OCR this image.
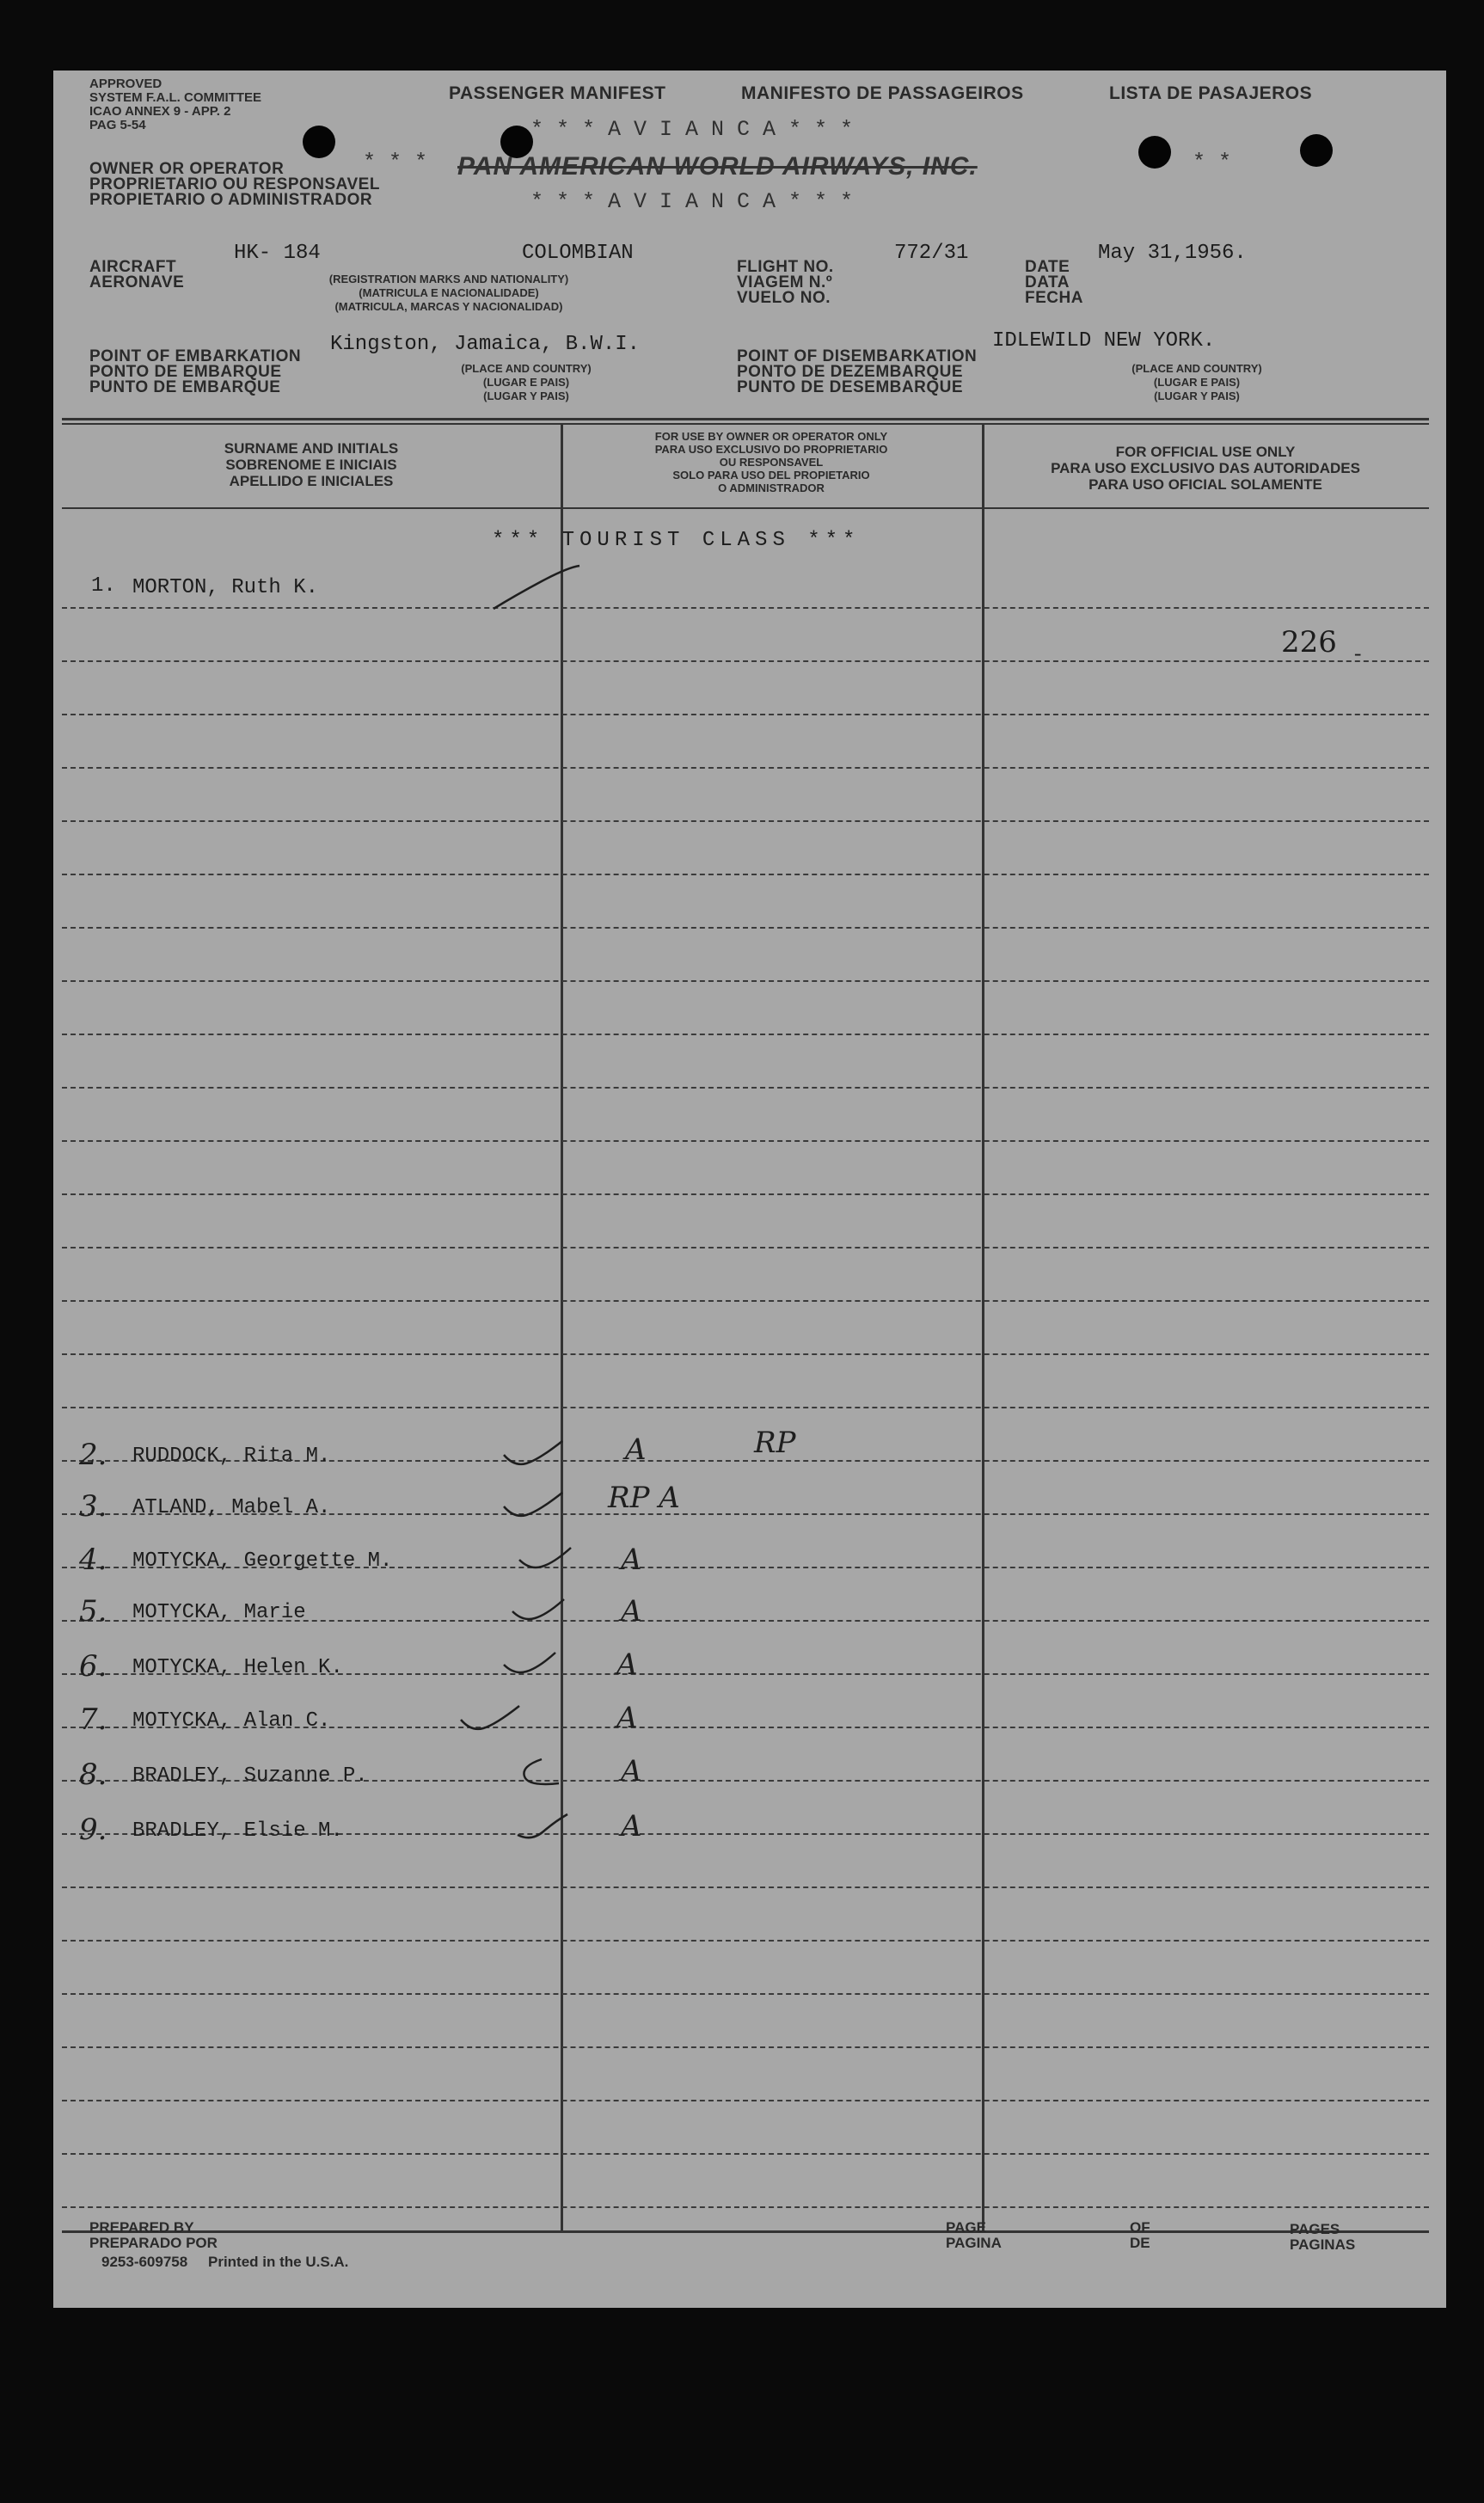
APPROVED
SYSTEM F.A.L. COMMITTEE
ICAO ANNEX 9 - APP. 2
PAG 5-54
PASSENGER MANIFEST	MANIFESTO DE PASSAGEIROS	LISTA DE PASAJEROS
* * * A V I A N C A * * *
OWNER OR OPERATOR
PROPRIETARIO OU RESPONSAVEL
PROPIETARIO O ADMINISTRADOR
* * * PAN AMERICAN WORLD AIRWAYS, INC.	* *
* * * A V I A N C A * * *
AIRCRAFT
AERONAVE
HK- 184	COLOMBIAN
(REGISTRATION MARKS AND NATIONALITY)
(MATRICULA E NACIONALIDADE)
(MATRICULA, MARCAS Y NACIONALIDAD)
FLIGHT NO.
VIAGEM N.º
VUELO NO.
772/31
DATE
DATA
FECHA
May 31,1956.
POINT OF EMBARKATION
PONTO DE EMBARQUE
PUNTO DE EMBARQUE
Kingston, Jamaica, B.W.I.
(PLACE AND COUNTRY)
(LUGAR E PAIS)
(LUGAR Y PAIS)
POINT OF DISEMBARKATION
PONTO DE DEZEMBARQUE
PUNTO DE DESEMBARQUE
IDLEWILD NEW YORK.
(PLACE AND COUNTRY)
(LUGAR E PAIS)
(LUGAR Y PAIS)
SURNAME AND INITIALS
SOBRENOME E INICIAIS
APELLIDO E INICIALES
FOR USE BY OWNER OR OPERATOR ONLY
PARA USO EXCLUSIVO DO PROPRIETARIO
OU RESPONSAVEL
SOLO PARA USO DEL PROPIETARIO
O ADMINISTRADOR
FOR OFFICIAL USE ONLY
PARA USO EXCLUSIVO DAS AUTORIDADES
PARA USO OFICIAL SOLAMENTE
*** TOURIST CLASS ***
226 -
1. MORTON, Ruth K.
2. RUDDOCK, Rita M.	A	RP
3. ATLAND, Mabel A.	RP A
4. MOTYCKA, Georgette M.	A
5. MOTYCKA, Marie	A
6. MOTYCKA, Helen K.	A
7. MOTYCKA, Alan C.	A
8. BRADLEY, Suzanne P.	A
9. BRADLEY, Elsie M.	A
PREPARED BY
PREPARADO POR
9253-609758 Printed in the U.S.A.
PAGE
PAGINA
OF
DE
PAGES
PAGINAS
